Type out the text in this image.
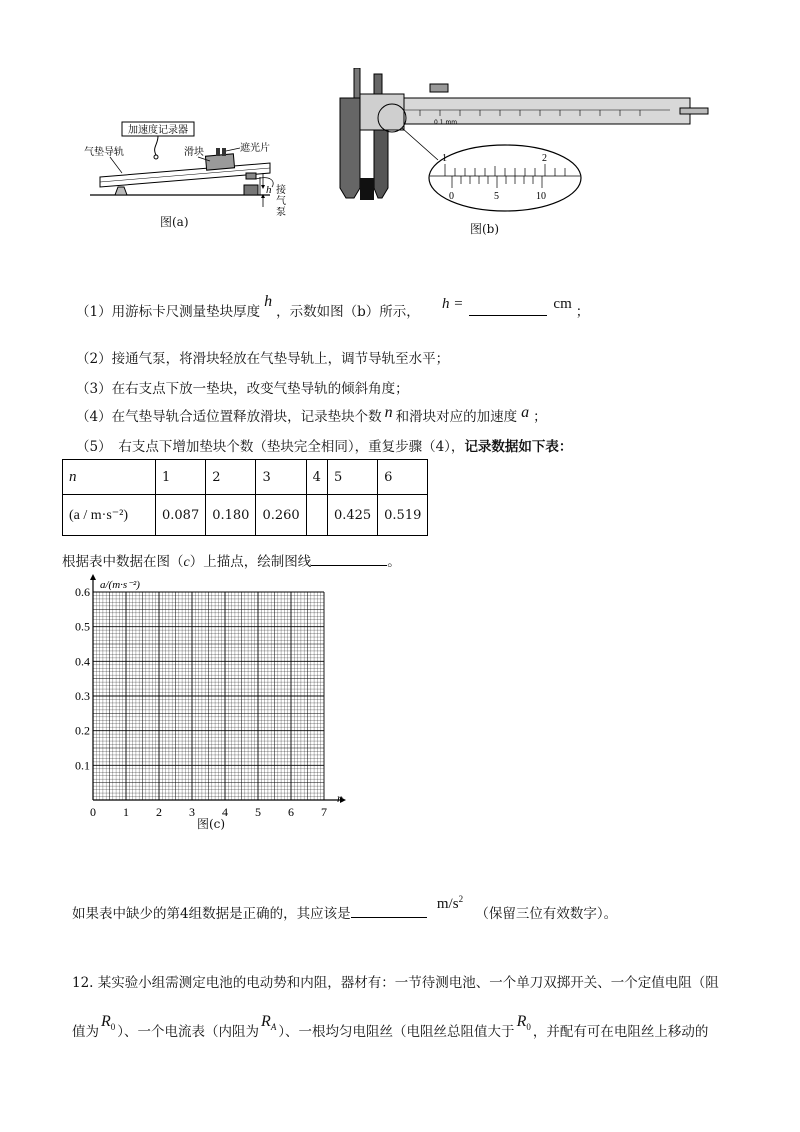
加速度记录器
h
气垫导轨	滑块	遮光片
接气泵
图(a)
0 1 mm
1	2
0	5	10
图(b)
（1）用游标卡尺测量垫块厚度h，示数如图（b）所示， h =	cm ；
（2）接通气泵，将滑块轻放在气垫导轨上，调节导轨至水平；
（3）在右支点下放一垫块，改变气垫导轨的倾斜角度；
（4）在气垫导轨合适位置释放滑块，记录垫块个数 n 和滑块对应的加速度 a ；
（5）　右支点下增加垫块个数（垫块完全相同），重复步骤（4），记录数据如下表：
n	1	2	3	4	5	6
(a / m·s⁻²)	0.087	0.180	0.260		0.425	0.519
根据表中数据在图（c）上描点，绘制图线	。
0 1 2 3 4 5 6 7
0.1
0.2
0.3
0.4
0.5
0.6 a/(m·s⁻²)
n
图(c)
如果表中缺少的第4组数据是正确的，其应该是 $m/s^2$ （保留三位有效数字）。
12. 某实验小组需测定电池的电动势和内阻，器材有：一节待测电池、一个单刀双掷开关、一个定值电阻（阻
值为$R_0$ ）、一个电流表（内阻为$R_A$ ）、一根均匀电阻丝（电阻丝总阻值大于$R_0$ ，并配有可在电阻丝上移动的
